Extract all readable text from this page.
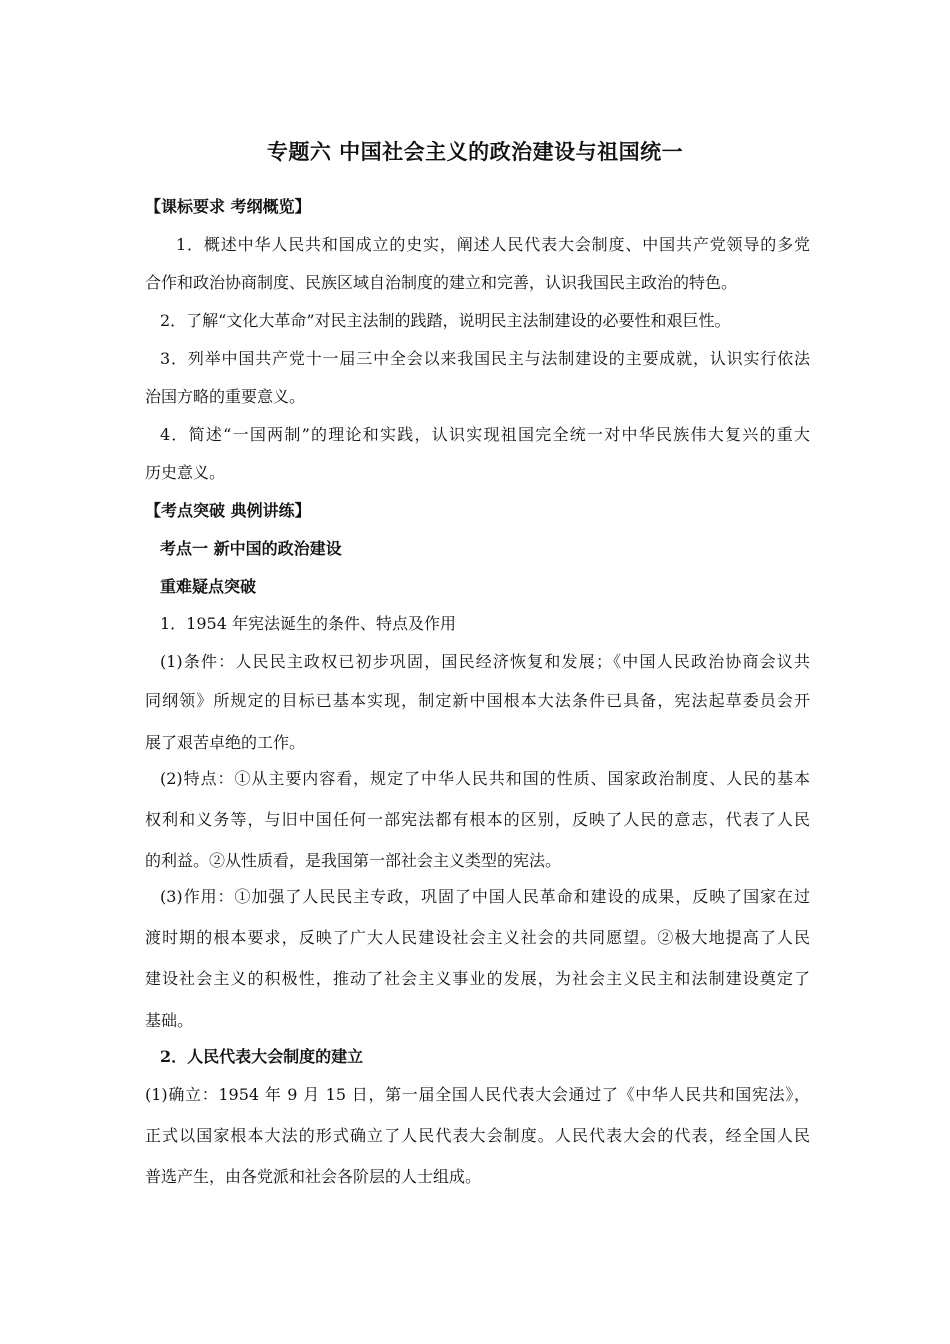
专题六 中国社会主义的政治建设与祖国统一
【课标要求 考纲概览】
1．概述中华人民共和国成立的史实，阐述人民代表大会制度、中国共产党领导的多党
合作和政治协商制度、民族区域自治制度的建立和完善，认识我国民主政治的特色。
2．了解“文化大革命”对民主法制的践踏，说明民主法制建设的必要性和艰巨性。
3．列举中国共产党十一届三中全会以来我国民主与法制建设的主要成就，认识实行依法
治国方略的重要意义。
4．简述“一国两制”的理论和实践，认识实现祖国完全统一对中华民族伟大复兴的重大
历史意义。
【考点突破 典例讲练】
考点一 新中国的政治建设
重难疑点突破
1．1954 年宪法诞生的条件、特点及作用
(1)条件：人民民主政权已初步巩固，国民经济恢复和发展；《中国人民政治协商会议共
同纲领》所规定的目标已基本实现，制定新中国根本大法条件已具备，宪法起草委员会开
展了艰苦卓绝的工作。
(2)特点：①从主要内容看，规定了中华人民共和国的性质、国家政治制度、人民的基本
权利和义务等，与旧中国任何一部宪法都有根本的区别，反映了人民的意志，代表了人民
的利益。②从性质看，是我国第一部社会主义类型的宪法。
(3)作用：①加强了人民民主专政，巩固了中国人民革命和建设的成果，反映了国家在过
渡时期的根本要求，反映了广大人民建设社会主义社会的共同愿望。②极大地提高了人民
建设社会主义的积极性，推动了社会主义事业的发展，为社会主义民主和法制建设奠定了
基础。
2．人民代表大会制度的建立
(1)确立：1954 年 9 月 15 日，第一届全国人民代表大会通过了《中华人民共和国宪法》，
正式以国家根本大法的形式确立了人民代表大会制度。人民代表大会的代表，经全国人民
普选产生，由各党派和社会各阶层的人士组成。
